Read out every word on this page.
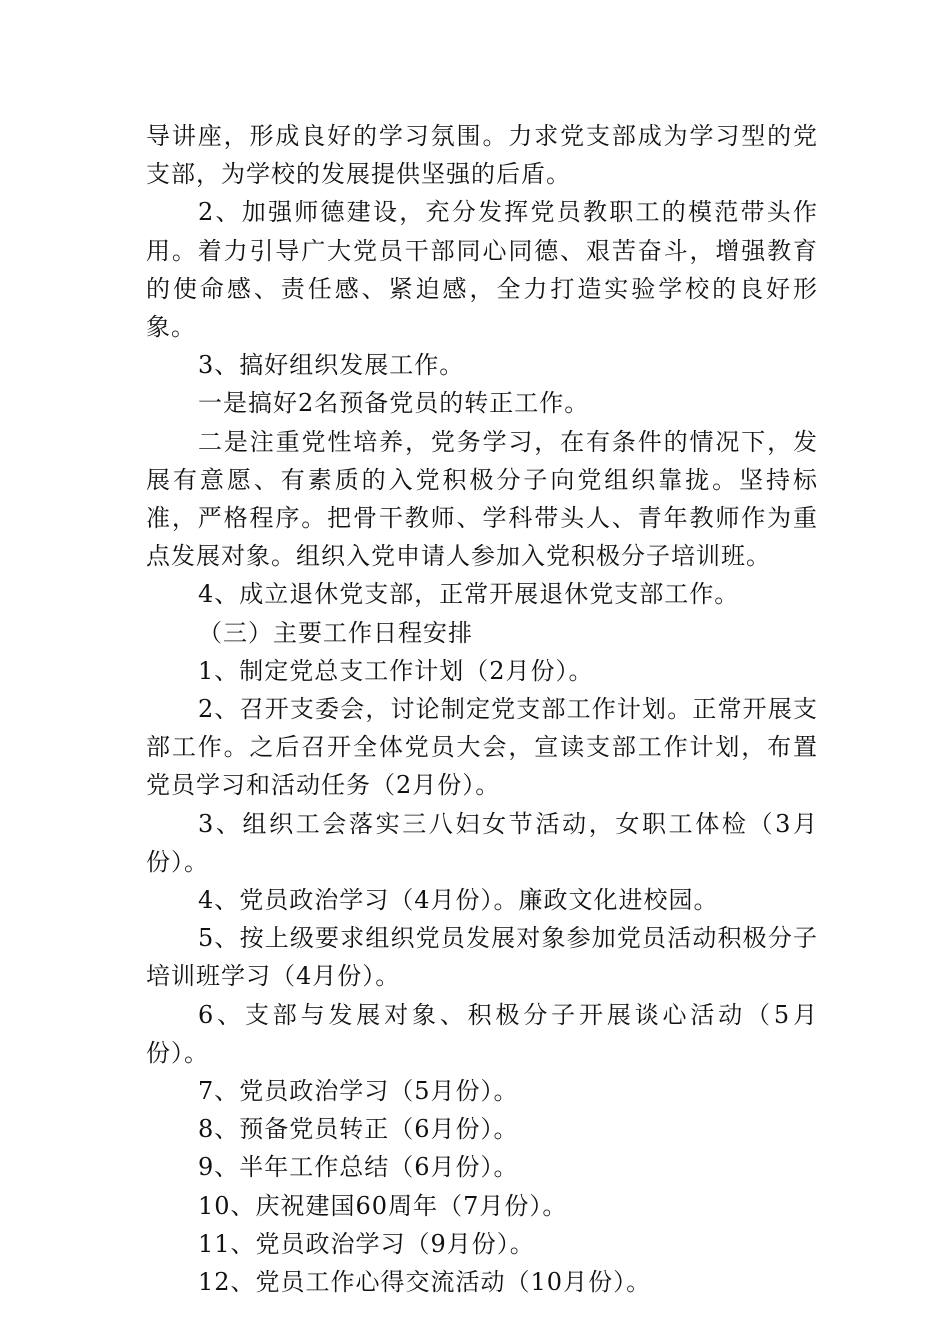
导讲座，形成良好的学习氛围。力求党支部成为学习型的党支部，为学校的发展提供坚强的后盾。

2、加强师德建设，充分发挥党员教职工的模范带头作用。着力引导广大党员干部同心同德、艰苦奋斗，增强教育的使命感、责任感、紧迫感，全力打造实验学校的良好形象。

3、搞好组织发展工作。

一是搞好2名预备党员的转正工作。

二是注重党性培养，党务学习，在有条件的情况下，发展有意愿、有素质的入党积极分子向党组织靠拢。坚持标准，严格程序。把骨干教师、学科带头人、青年教师作为重点发展对象。组织入党申请人参加入党积极分子培训班。

4、成立退休党支部，正常开展退休党支部工作。

（三）主要工作日程安排

1、制定党总支工作计划（2月份）。

2、召开支委会，讨论制定党支部工作计划。正常开展支部工作。之后召开全体党员大会，宣读支部工作计划，布置党员学习和活动任务（2月份）。

3、组织工会落实三八妇女节活动，女职工体检（3月份）。

4、党员政治学习（4月份）。廉政文化进校园。

5、按上级要求组织党员发展对象参加党员活动积极分子培训班学习（4月份）。

6、支部与发展对象、积极分子开展谈心活动（5月份）。

7、党员政治学习（5月份）。

8、预备党员转正（6月份）。

9、半年工作总结（6月份）。

10、庆祝建国60周年（7月份）。

11、党员政治学习（9月份）。

12、党员工作心得交流活动（10月份）。
